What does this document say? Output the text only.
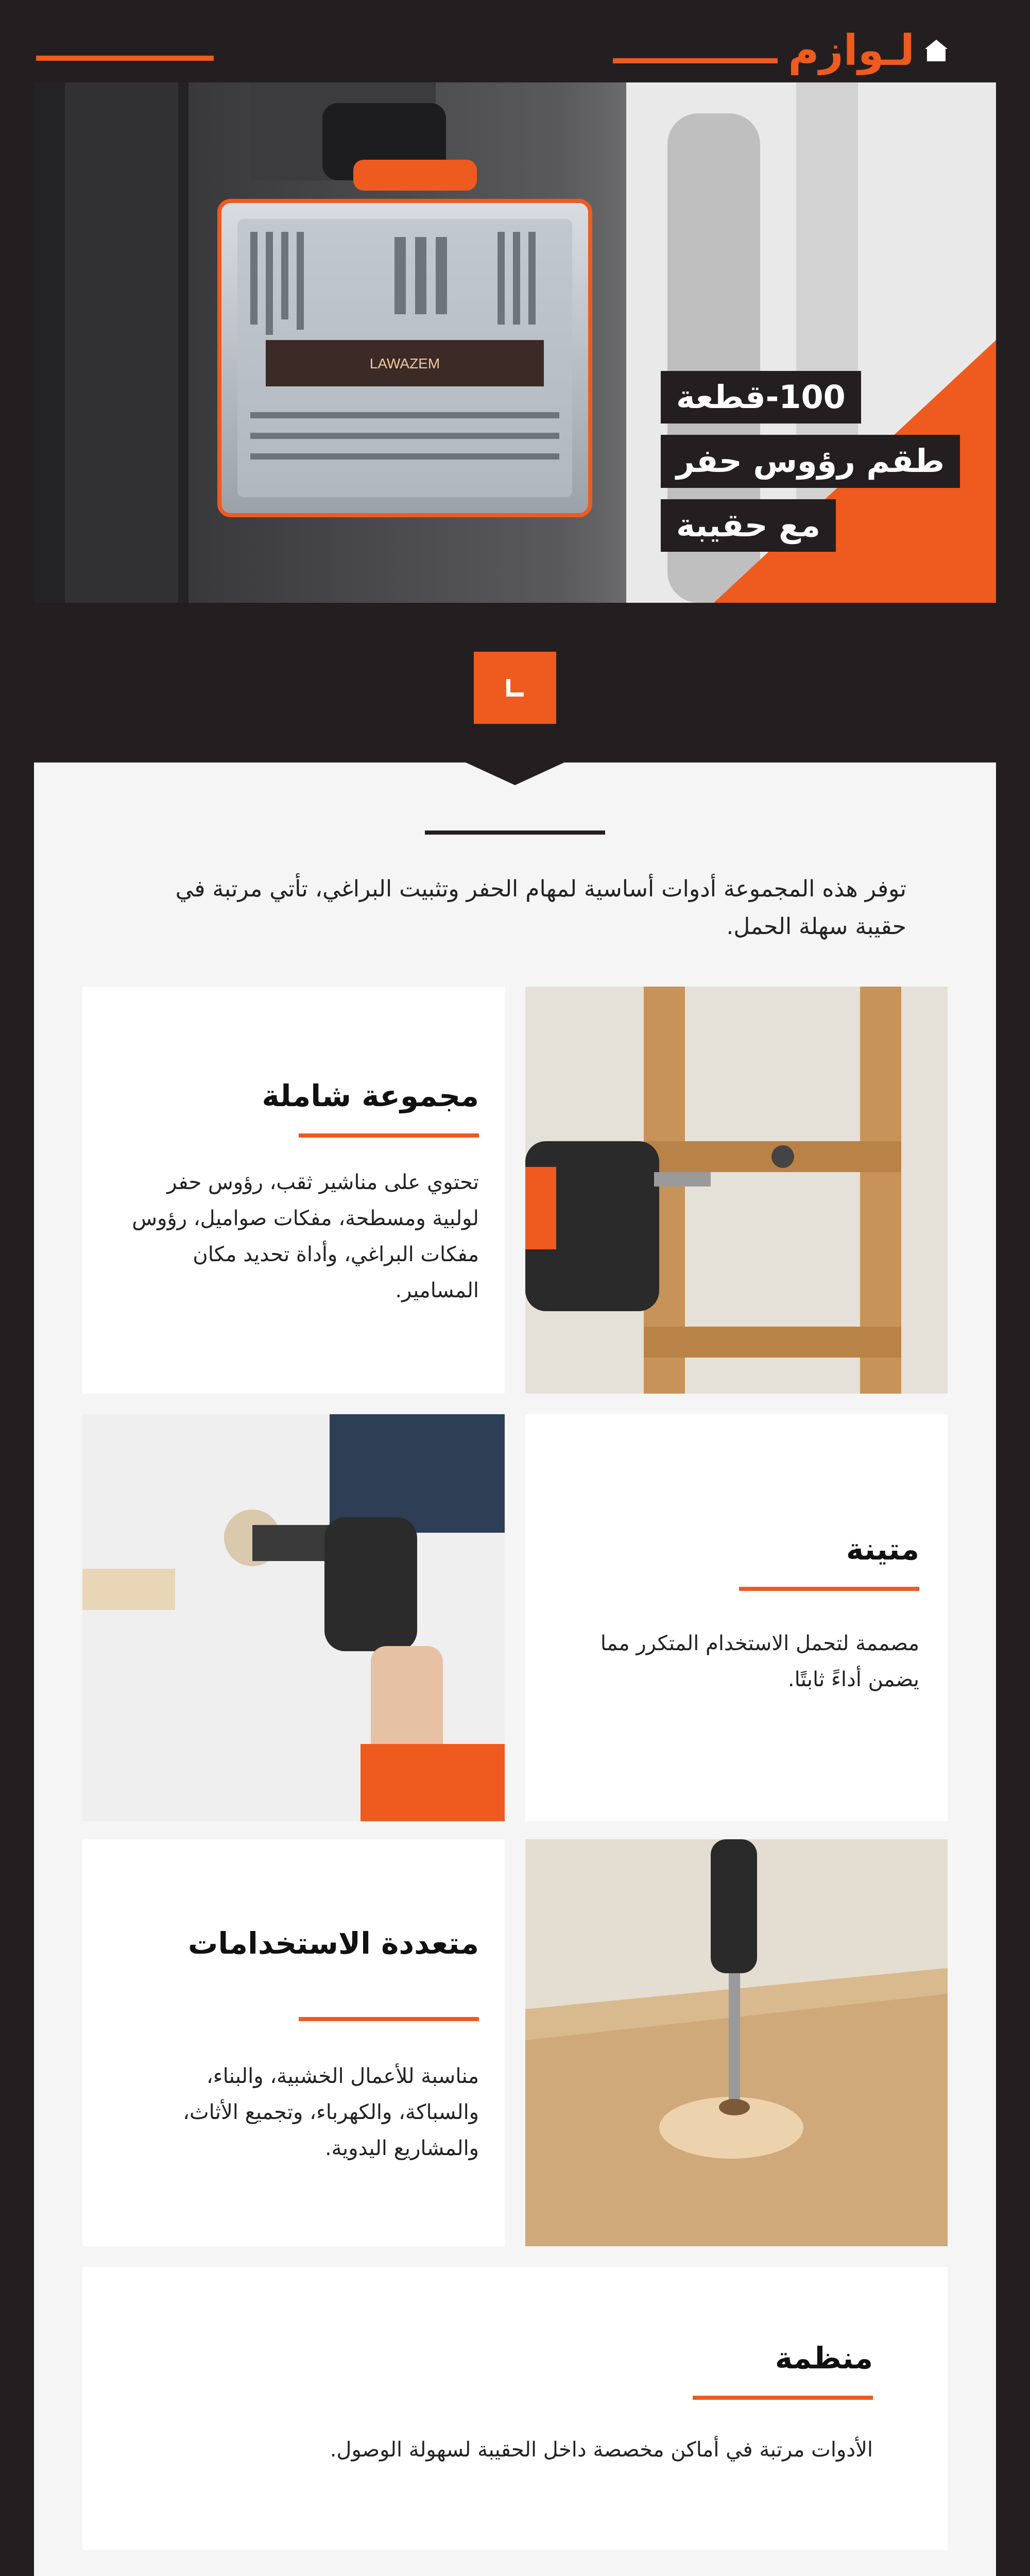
لـوازم
LAWAZEM
100-قطعة
طقم رؤوس حفر
مع حقيبة

توفر هذه المجموعة أدوات أساسية لمهام الحفر وتثبيت البراغي، تأتي مرتبة في حقيبة سهلة الحمل.

مجموعة شاملة
تحتوي على مناشير ثقب، رؤوس حفر لولبية ومسطحة، مفكات صواميل، رؤوس مفكات البراغي، وأداة تحديد مكان المسامير.
متينة
مصممة لتحمل الاستخدام المتكرر مما يضمن أداءً ثابتًا.
متعددة الاستخدامات
مناسبة للأعمال الخشبية، والبناء، والسباكة، والكهرباء، وتجميع الأثاث، والمشاريع اليدوية.
منظمة
الأدوات مرتبة في أماكن مخصصة داخل الحقيبة لسهولة الوصول.
